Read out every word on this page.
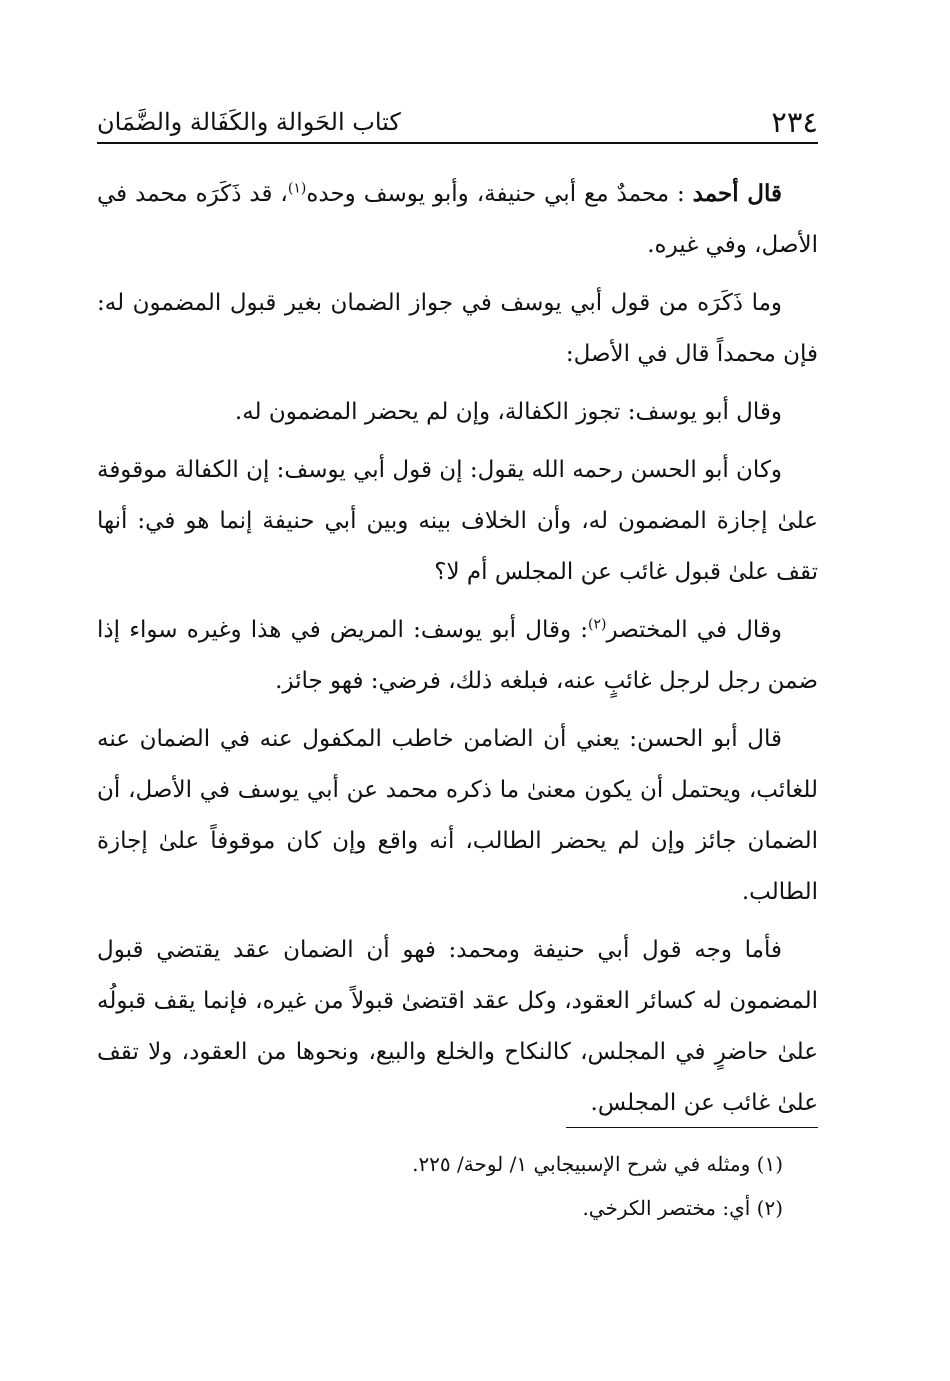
٢٣٤
كتاب الحَوالة والكَفَالة والضَّمَان

قال أحمد : محمدٌ مع أبي حنيفة، وأبو يوسف وحده$^{(١)}$، قد ذَكَرَه محمد في الأصل، وفي غيره.

وما ذَكَرَه من قول أبي يوسف في جواز الضمان بغير قبول المضمون له: فإن محمداً قال في الأصل:

وقال أبو يوسف: تجوز الكفالة، وإن لم يحضر المضمون له.

وكان أبو الحسن رحمه الله يقول: إن قول أبي يوسف: إن الكفالة موقوفة علىٰ إجازة المضمون له، وأن الخلاف بينه وبين أبي حنيفة إنما هو في: أنها تقف علىٰ قبول غائب عن المجلس أم لا؟

وقال في المختصر$^{(٢)}$: وقال أبو يوسف: المريض في هذا وغيره سواء إذا ضمن رجل لرجل غائبٍ عنه، فبلغه ذلك، فرضي: فهو جائز.

قال أبو الحسن: يعني أن الضامن خاطب المكفول عنه في الضمان عنه للغائب، ويحتمل أن يكون معنىٰ ما ذكره محمد عن أبي يوسف في الأصل، أن الضمان جائز وإن لم يحضر الطالب، أنه واقع وإن كان موقوفاً علىٰ إجازة الطالب.

فأما وجه قول أبي حنيفة ومحمد: فهو أن الضمان عقد يقتضي قبول المضمون له كسائر العقود، وكل عقد اقتضىٰ قبولاً من غيره، فإنما يقف قبولُه علىٰ حاضرٍ في المجلس، كالنكاح والخلع والبيع، ونحوها من العقود، ولا تقف علىٰ غائب عن المجلس.

(١) ومثله في شرح الإسبيجابي ١/ لوحة/ ٢٢٥.

(٢) أي: مختصر الكرخي.
